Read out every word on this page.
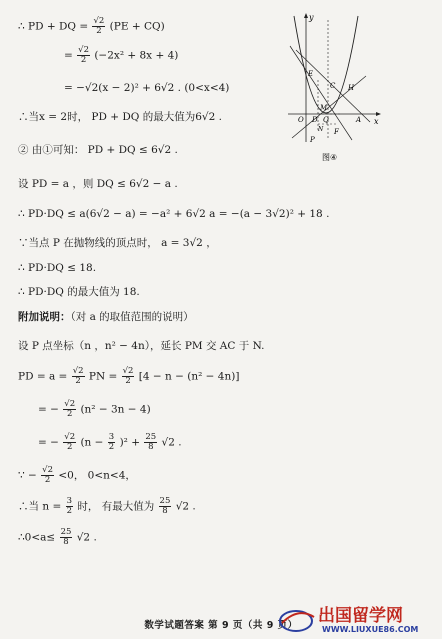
∴ PD + DQ = $\frac{√2}{2} (PE + CQ)$
= $\frac{√2}{2} (-2x^2 + 8x + 4)$
= −√2(x − 2)² + 6√2 . (0<x<4)
∴当x = 2时， PD + DQ 的最大值为6√2 .
② 由①可知： PD + DQ ≤ 6√2 .
设 PD = a ，则 DQ ≤ 6√2 − a .
∴ PD·DQ ≤ a(6√2 − a) = −a² + 6√2 a = −(a − 3√2)² + 18 .
∵当点 P 在抛物线的顶点时， a = 3√2 ，
∴ PD·DQ ≤ 18.
∴ PD·DQ 的最大值为 18.
附加说明：（对 a 的取值范围的说明）
设 P 点坐标（n ，n² − 4n），延长 PM 交 AC 于 N.
PD = $a = \frac{√2}{2}$ PN = $\frac{√2}{2} [4 - n - (n^2 - 4n)]$
= − $\frac{√2}{2} (n^2 - 3n - 4)$
= − $\frac{√2}{2} (n - \frac{3}{2} )^2 + \frac{25}{8} √2$ .
∵ − $\frac{√2}{2} <0$， 0<n<4，
∴当 $n = \frac{3}{2}$ 时， 有最大值为 $\frac{25}{8} √2$ .
∴0<a≤ $\frac{25}{8} √2$ .
y
x
E
C H
O D Q
M
N F
A
P
图④
数学试题答案 第 9 页（共 9 页）	出国留学网
WWW.LIUXUE86.COM
